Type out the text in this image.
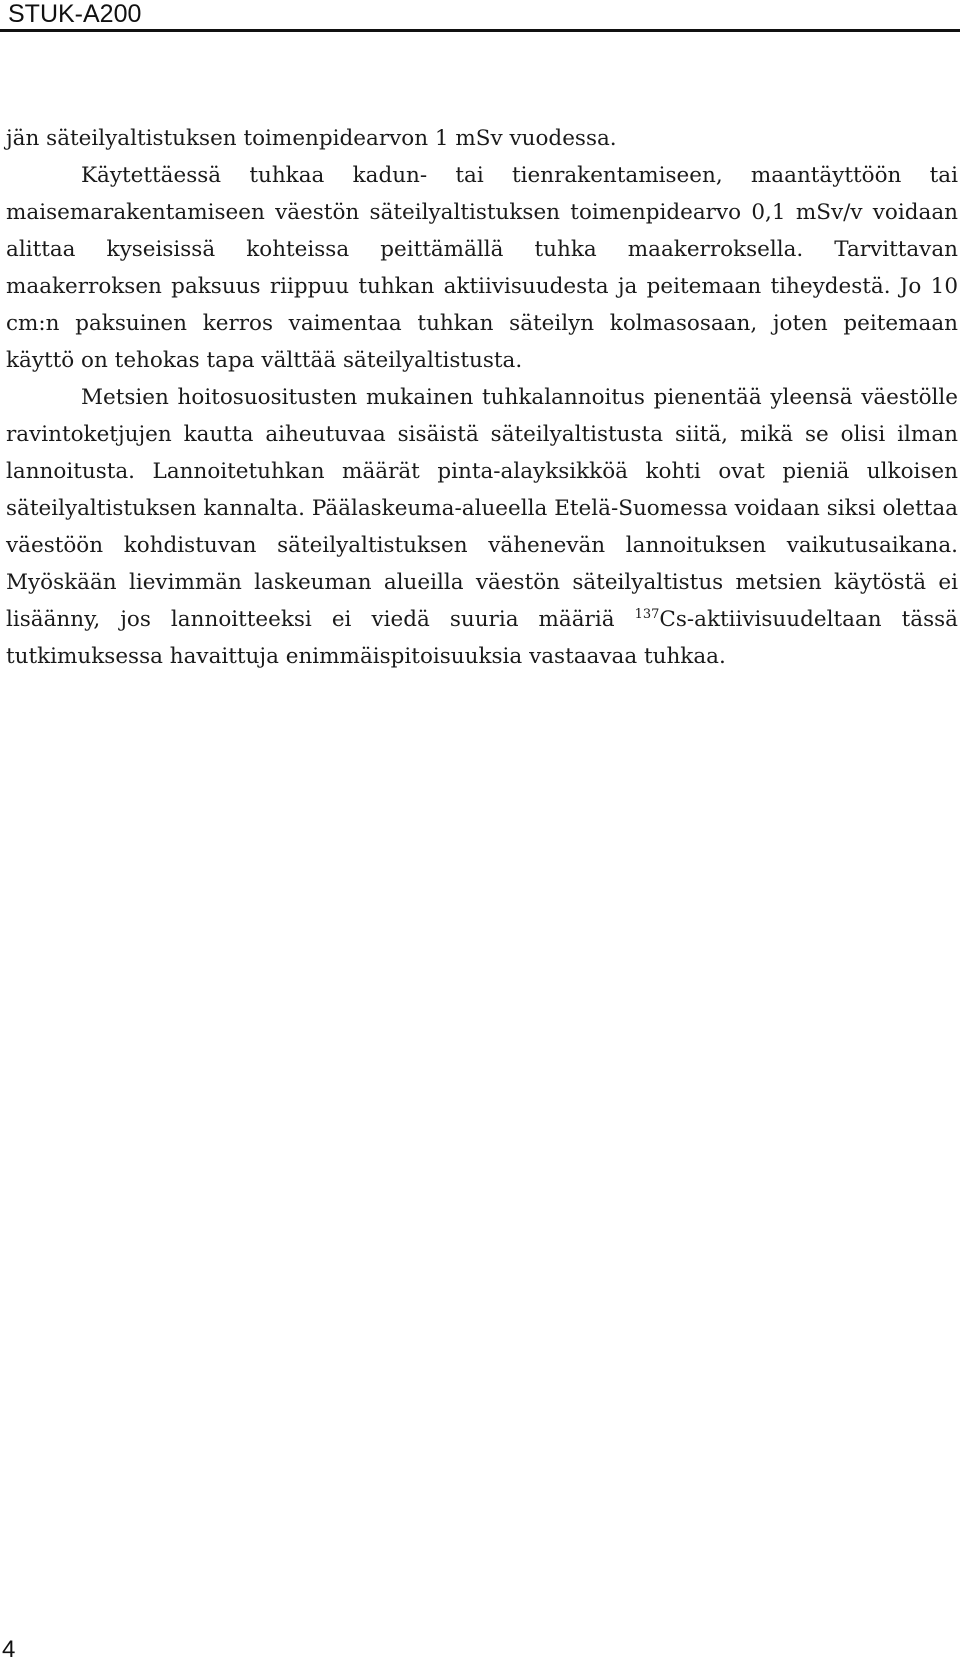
STUK-A200

jän säteilyaltistuksen toimenpidearvon 1 mSv vuodessa.

Käytettäessä tuhkaa kadun- tai tienrakentamiseen, maantäyttöön tai maisemarakentamiseen väestön säteilyaltistuksen toimenpidearvo 0,1 mSv/v voidaan alittaa kyseisissä kohteissa peittämällä tuhka maakerroksella. Tarvittavan maakerroksen paksuus riippuu tuhkan aktiivisuudesta ja peitemaan tiheydestä. Jo 10 cm:n paksuinen kerros vaimentaa tuhkan säteilyn kolmasosaan, joten peitemaan käyttö on tehokas tapa välttää säteilyaltistusta.

Metsien hoitosuositusten mukainen tuhkalannoitus pienentää yleensä väestölle ravintoketjujen kautta aiheutuvaa sisäistä säteilyaltistusta siitä, mikä se olisi ilman lannoitusta. Lannoitetuhkan määrät pinta-alayksikköä kohti ovat pieniä ulkoisen säteilyaltistuksen kannalta. Päälaskeuma-alueella Etelä-Suomessa voidaan siksi olettaa väestöön kohdistuvan säteilyaltistuksen vähenevän lannoituksen vaikutusaikana. Myöskään lievimmän laskeuman alueilla väestön säteilyaltistus metsien käytöstä ei lisäänny, jos lannoitteeksi ei viedä suuria määriä $^{137}$Cs-aktiivisuudeltaan tässä tutkimuksessa havaittuja enimmäispitoisuuksia vastaavaa tuhkaa.

4
